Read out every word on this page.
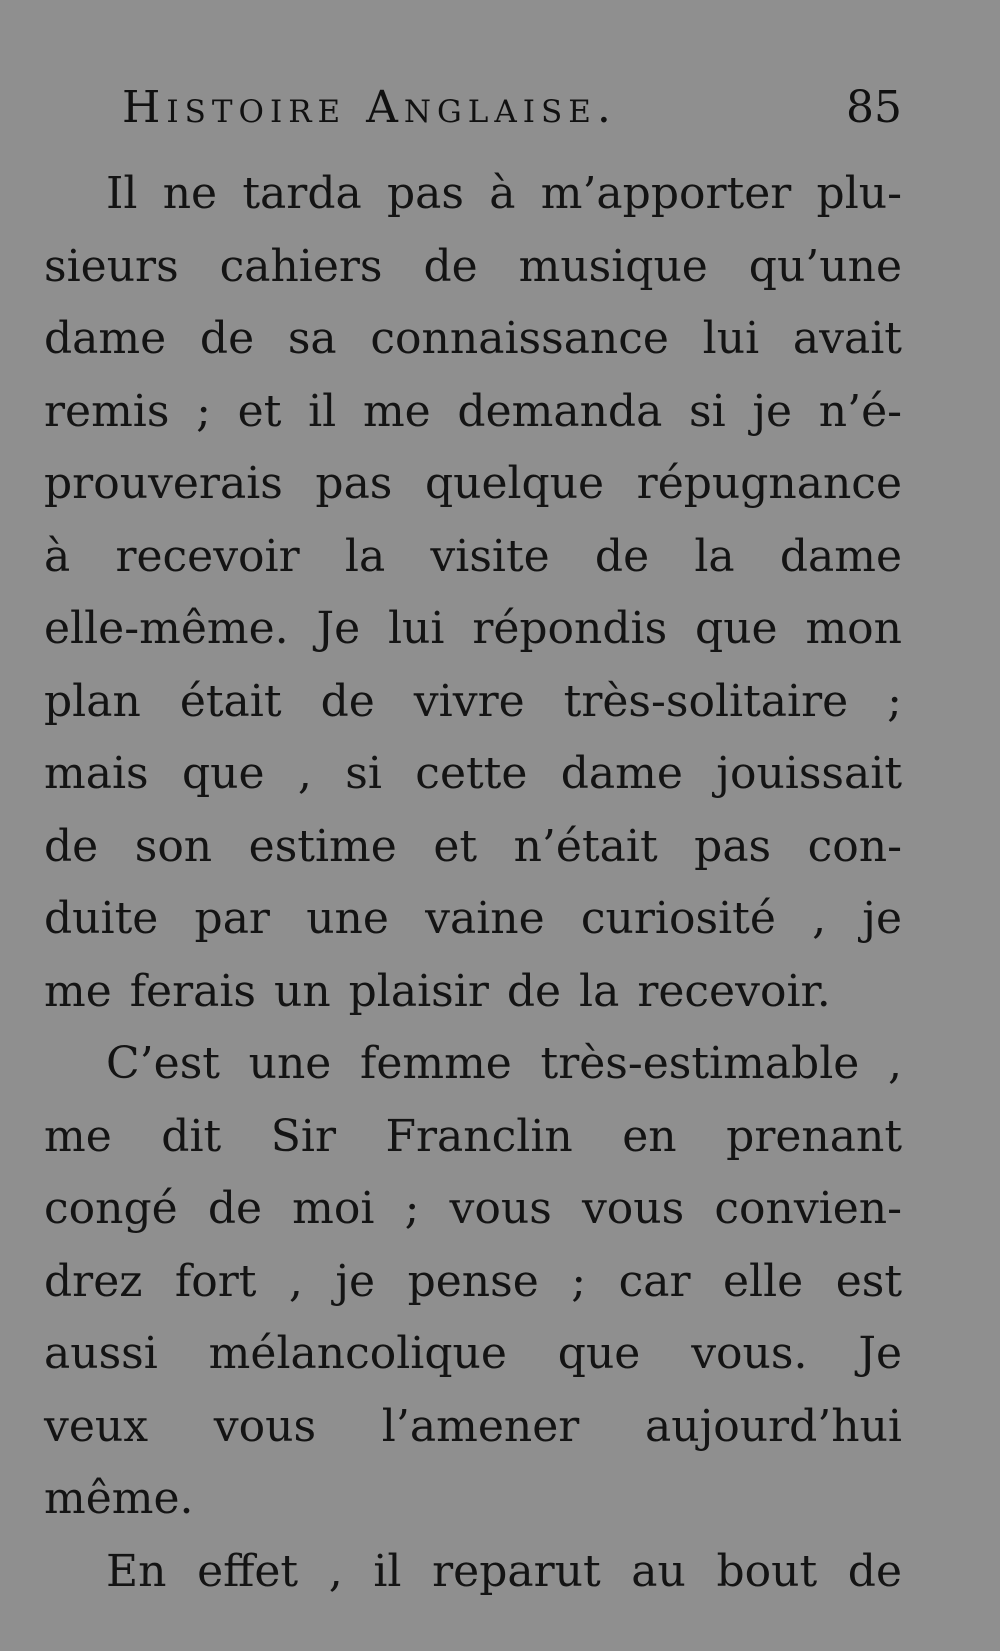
Histoire Anglaise.	85
Il ne tarda pas à m’apporter plu-
sieurs cahiers de musique qu’une
dame de sa connaissance lui avait
remis ; et il me demanda si je n’é-
prouverais pas quelque répugnance
à recevoir la visite de la dame
elle-même. Je lui répondis que mon
plan était de vivre très-solitaire ;
mais que , si cette dame jouissait
de son estime et n’était pas con-
duite par une vaine curiosité , je
me ferais un plaisir de la recevoir.
C’est une femme très-estimable ,
me dit Sir Franclin en prenant
congé de moi ; vous vous convien-
drez fort , je pense ; car elle est
aussi mélancolique que vous. Je
veux vous l’amener aujourd’hui
même.
En effet , il reparut au bout de
